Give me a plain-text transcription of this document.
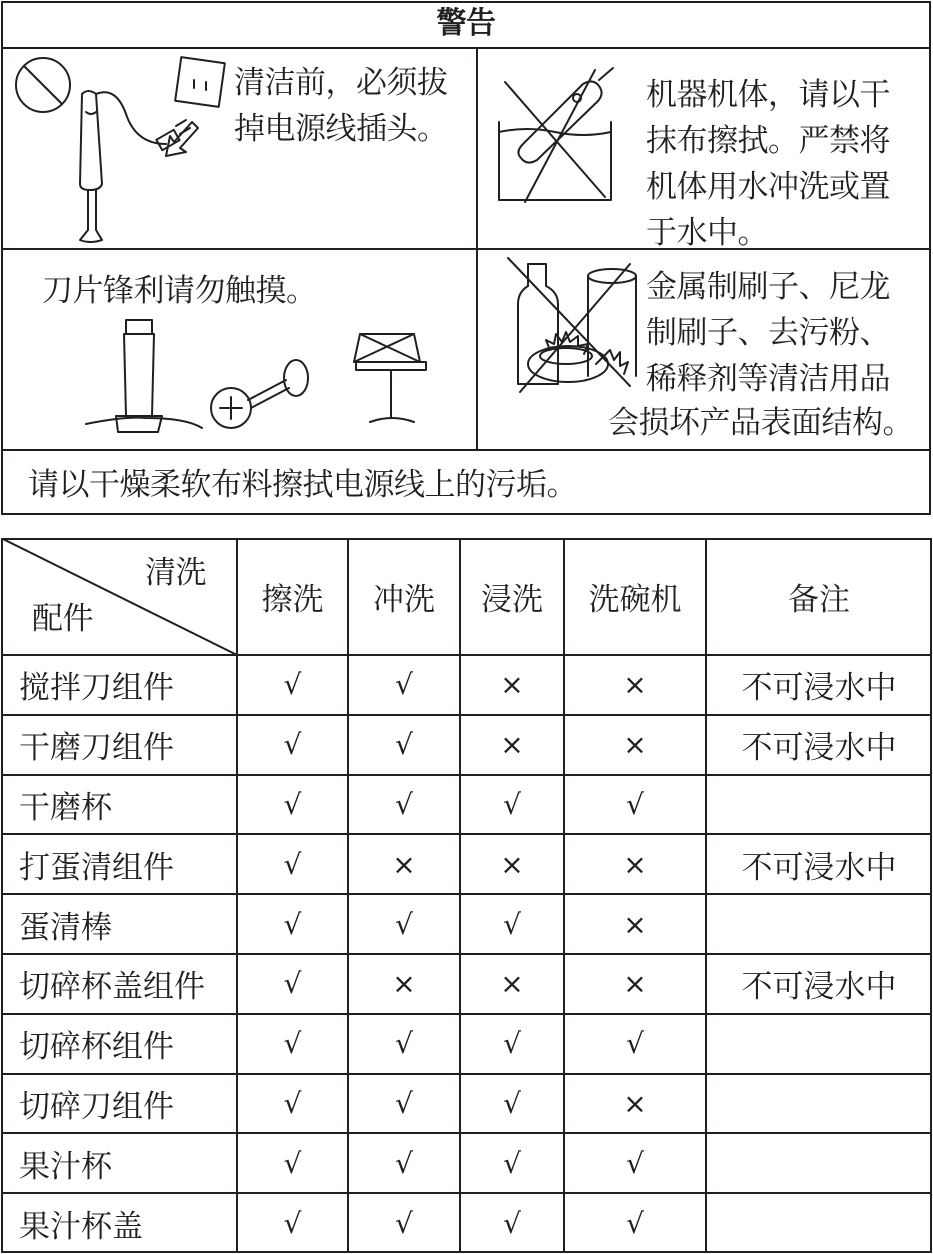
警告
清洁前，必须拔
掉电源线插头。
机器机体，请以干
抹布擦拭。严禁将
机体用水冲洗或置
于水中。
刀片锋利请勿触摸。	金属制刷子、尼龙
制刷子、去污粉、
稀释剂等清洁用品
会损坏产品表面结构。
请以干燥柔软布料擦拭电源线上的污垢。
清洗
配件
擦洗	冲洗	浸洗	洗碗机	备注
搅拌刀组件	√	√	×	×	不可浸水中
干磨刀组件	√	√	×	×	不可浸水中
干磨杯	√	√	√	√
打蛋清组件	√	×	×	×	不可浸水中
蛋清棒	√	√	√	×
切碎杯盖组件	√	×	×	×	不可浸水中
切碎杯组件	√	√	√	√
切碎刀组件	√	√	√	×
果汁杯	√	√	√	√
果汁杯盖	√	√	√	√
